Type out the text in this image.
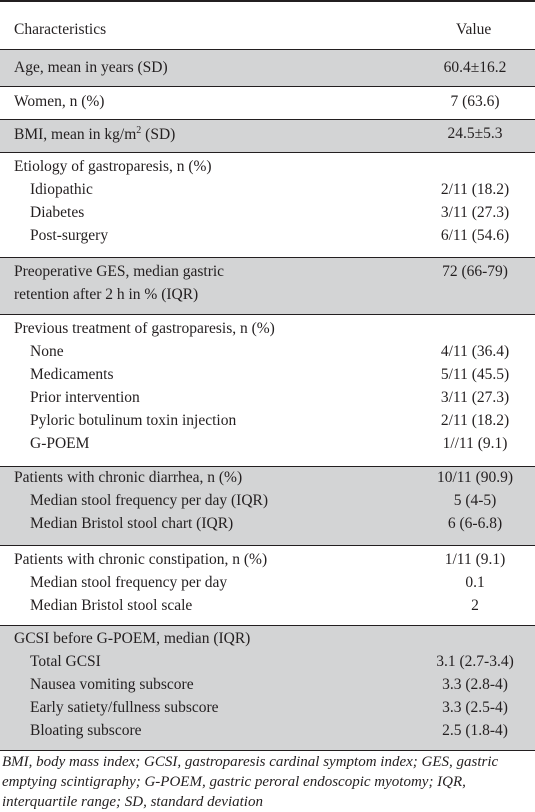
Characteristics	Value
Age, mean in years (SD)	60.4±16.2
Women, n (%)	7 (63.6)
BMI, mean in $kg/m^2$ (SD)	24.5±5.3
Etiology of gastroparesis, n (%)
Idiopathic	2/11 (18.2)
Diabetes	3/11 (27.3)
Post-surgery	6/11 (54.6)
Preoperative GES, median gastric	72 (66-79)
retention after 2 h in % (IQR)
Previous treatment of gastroparesis, n (%)
None	4/11 (36.4)
Medicaments	5/11 (45.5)
Prior intervention	3/11 (27.3)
Pyloric botulinum toxin injection	2/11 (18.2)
G-POEM	1//11 (9.1)
Patients with chronic diarrhea, n (%)	10/11 (90.9)
Median stool frequency per day (IQR)	5 (4-5)
Median Bristol stool chart (IQR)	6 (6-6.8)
Patients with chronic constipation, n (%)	1/11 (9.1)
Median stool frequency per day	0.1
Median Bristol stool scale	2
GCSI before G-POEM, median (IQR)
Total GCSI	3.1 (2.7-3.4)
Nausea vomiting subscore	3.3 (2.8-4)
Early satiety/fullness subscore	3.3 (2.5-4)
Bloating subscore	2.5 (1.8-4)
BMI, body mass index; GCSI, gastroparesis cardinal symptom index; GES, gastric emptying scintigraphy; G-POEM, gastric peroral endoscopic myotomy; IQR, interquartile range; SD, standard deviation
